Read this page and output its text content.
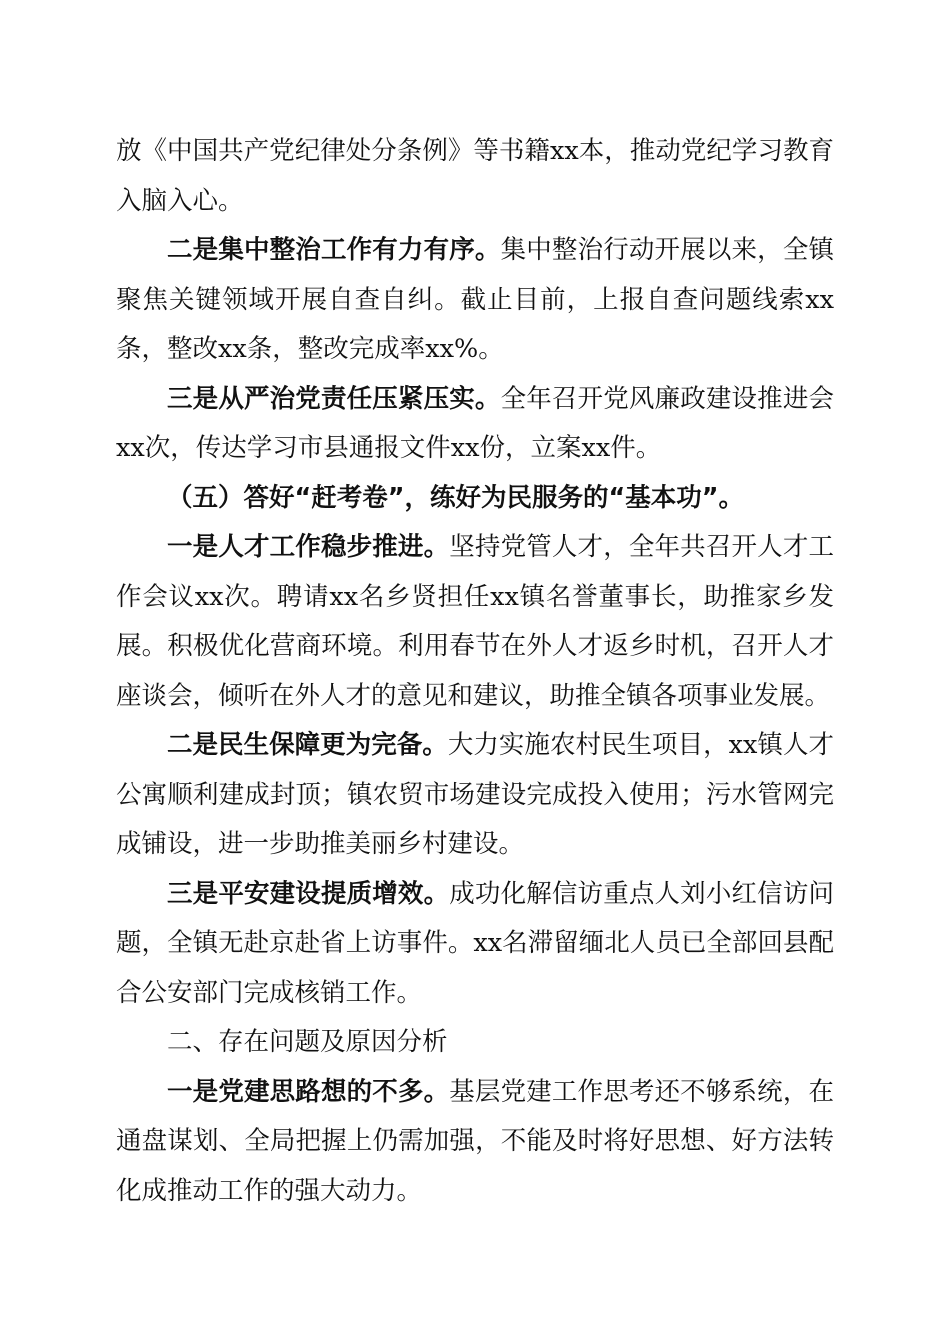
放《中国共产党纪律处分条例》等书籍xx本，推动党纪学习教育入脑入心。

二是集中整治工作有力有序。集中整治行动开展以来，全镇聚焦关键领域开展自查自纠。截止目前，上报自查问题线索xx条，整改xx条，整改完成率xx%。

三是从严治党责任压紧压实。全年召开党风廉政建设推进会xx次，传达学习市县通报文件xx份，立案xx件。

（五）答好“赶考卷”，练好为民服务的“基本功”。

一是人才工作稳步推进。坚持党管人才，全年共召开人才工作会议xx次。聘请xx名乡贤担任xx镇名誉董事长，助推家乡发展。积极优化营商环境。利用春节在外人才返乡时机，召开人才座谈会，倾听在外人才的意见和建议，助推全镇各项事业发展。

二是民生保障更为完备。大力实施农村民生项目，xx镇人才公寓顺利建成封顶；镇农贸市场建设完成投入使用；污水管网完成铺设，进一步助推美丽乡村建设。

三是平安建设提质增效。成功化解信访重点人刘小红信访问题，全镇无赴京赴省上访事件。xx名滞留缅北人员已全部回县配合公安部门完成核销工作。

二、存在问题及原因分析

一是党建思路想的不多。基层党建工作思考还不够系统，在通盘谋划、全局把握上仍需加强，不能及时将好思想、好方法转化成推动工作的强大动力。
